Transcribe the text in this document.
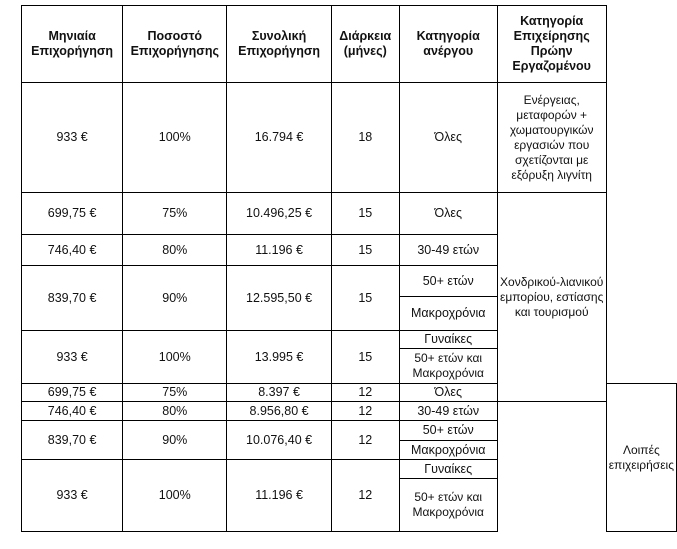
Μηνιαία Επιχορήγηση	Ποσοστό Επιχορήγησης	Συνολική Επιχορήγηση	Διάρκεια (μήνες)	Κατηγορία ανέργου	Κατηγορία Επιχείρησης Πρώην Εργαζομένου	
933 €	100%	16.794 €	18	Όλες	Ενέργειας, μεταφορών + χωματουργικών εργασιών που σχετίζονται με εξόρυξη λιγνίτη	
699,75 €	75%	10.496,25 €	15	Όλες	Χονδρικού-λιανικού εμπορίου, εστίασης και τουρισμού	
746,40 €	80%	11.196 €	15	30-49 ετών		
839,70 €	90%	12.595,50 €	15	50+ ετών		
				Μακροχρόνια		
933 €	100%	13.995 €	15	Γυναίκες		
				50+ ετών και Μακροχρόνια		
699,75 €	75%	8.397 €	12	Όλες		Λοιπές επιχειρήσεις
746,40 €	80%	8.956,80 €	12	30-49 ετών		
839,70 €	90%	10.076,40 €	12	50+ ετών		
				Μακροχρόνια		
933 €	100%	11.196 €	12	Γυναίκες		
				50+ ετών και Μακροχρόνια		
